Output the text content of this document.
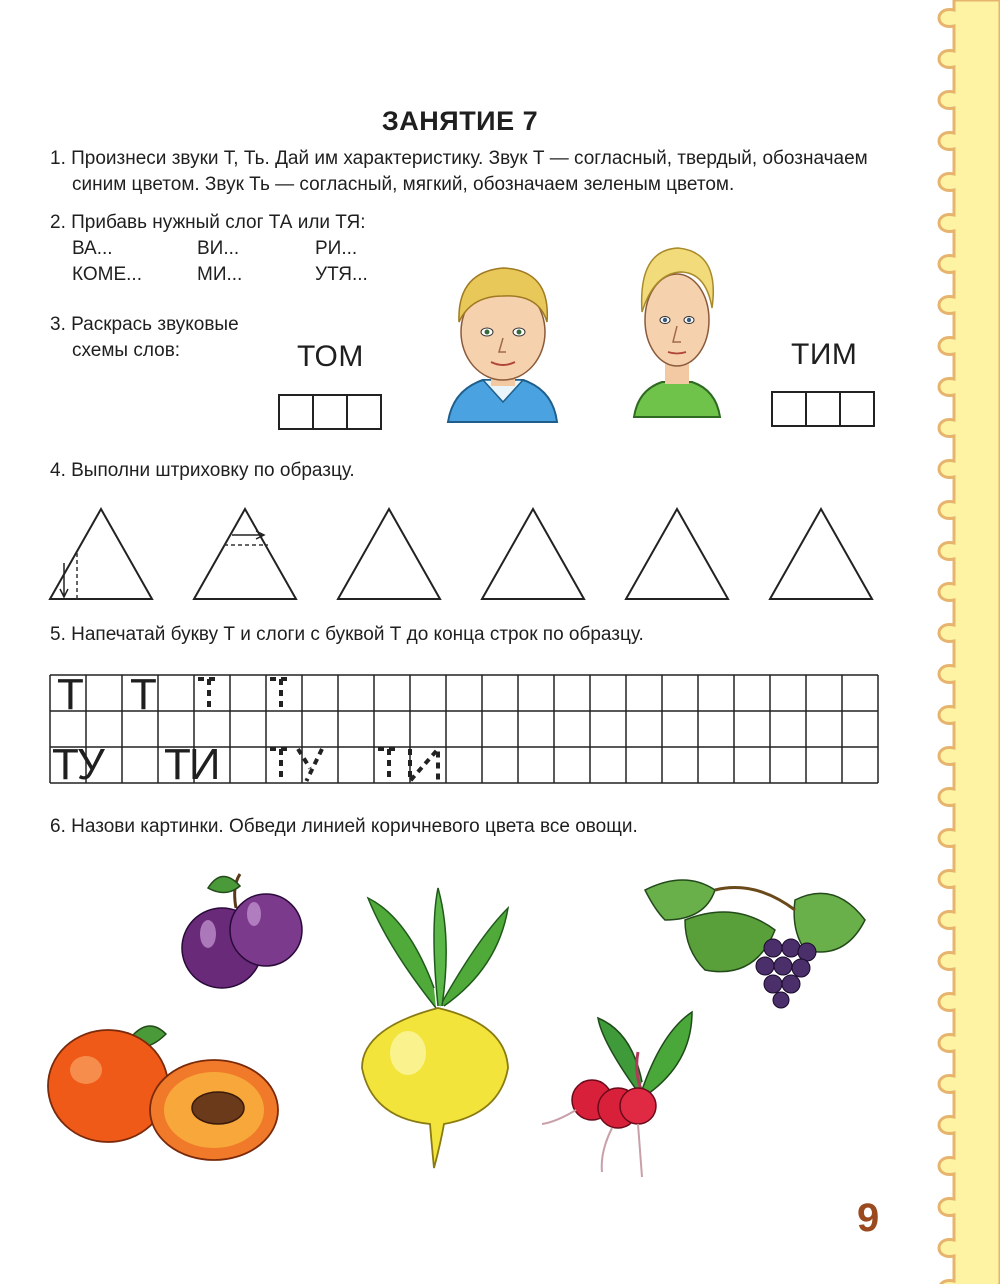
ЗАНЯТИЕ 7
1. Произнеси звуки Т, Ть. Дай им характеристику. Звук Т — согласный, твердый, обозначаем
синим цветом. Звук Ть — согласный, мягкий, обозначаем зеленым цветом.
2. Прибавь нужный слог ТА или ТЯ:
ВА...	ВИ...	РИ...
КОМЕ...	МИ...	УТЯ...
3. Раскрась звуковые
схемы слов:	ТОМ	ТИМ
4. Выполни штриховку по образцу.
5. Напечатай букву Т и слоги с буквой Т до конца строк по образцу.
Т Т
ТУ ТИ
6. Назови картинки. Обведи линией коричневого цвета все овощи.
9
